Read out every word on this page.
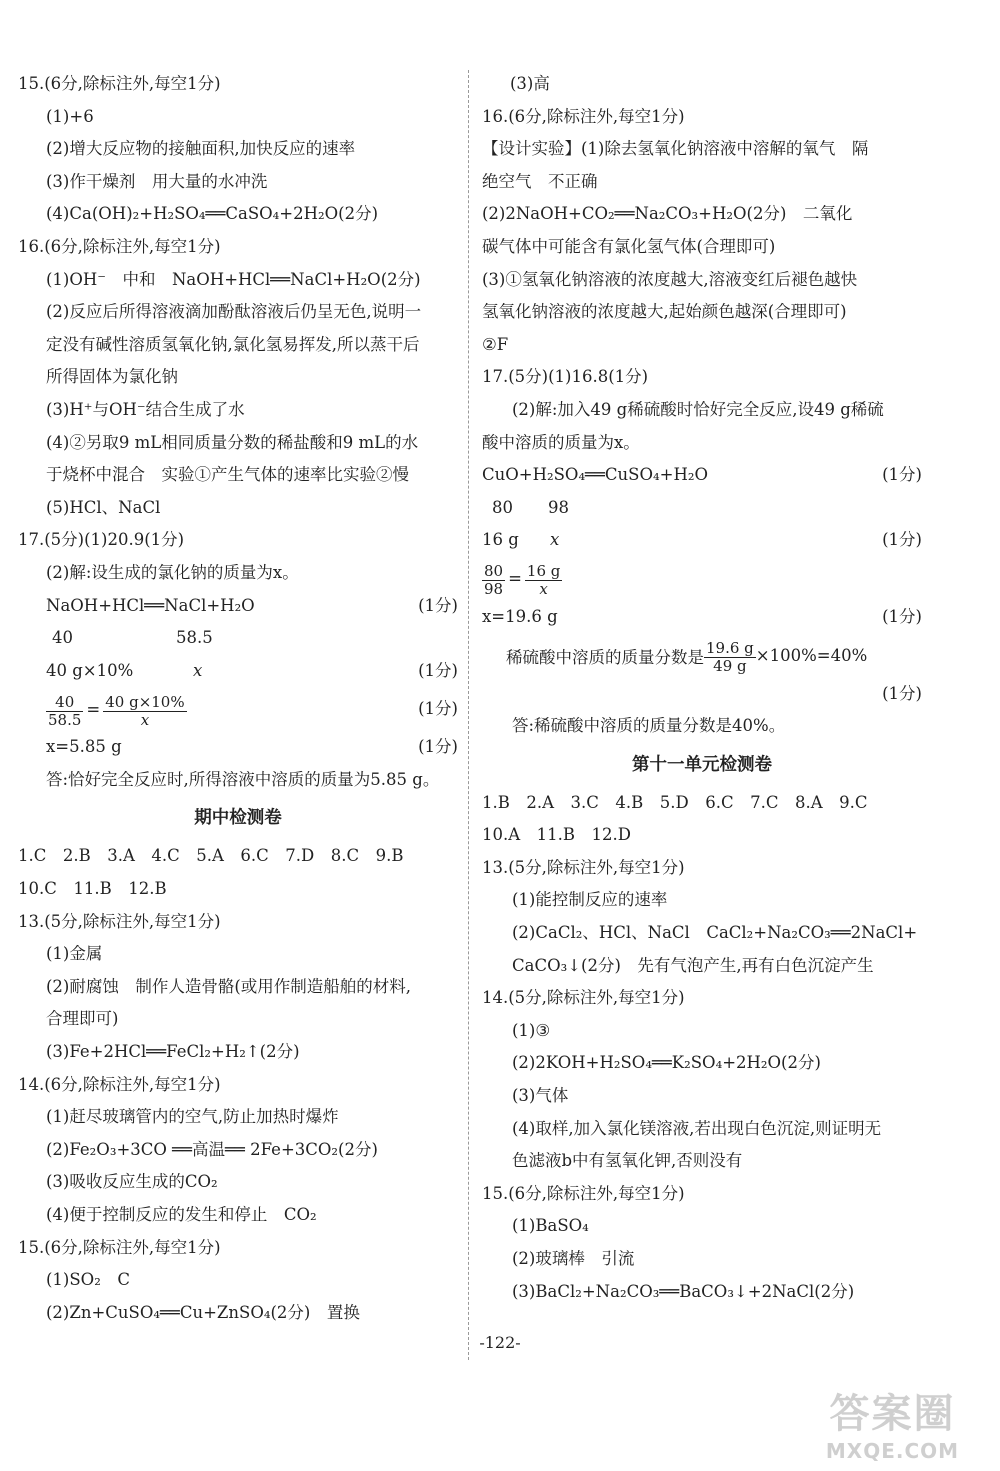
15.(6分,除标注外,每空1分)
(1)+6
(2)增大反应物的接触面积,加快反应的速率
(3)作干燥剂　用大量的水冲洗
(4)Ca(OH)₂+H₂SO₄══CaSO₄+2H₂O(2分)
16.(6分,除标注外,每空1分)
(1)OH⁻　中和　NaOH+HCl══NaCl+H₂O(2分)
(2)反应后所得溶液滴加酚酞溶液后仍呈无色,说明一
定没有碱性溶质氢氧化钠,氯化氢易挥发,所以蒸干后
所得固体为氯化钠
(3)H⁺与OH⁻结合生成了水
(4)②另取9 mL相同质量分数的稀盐酸和9 mL的水
于烧杯中混合　实验①产生气体的速率比实验②慢
(5)HCl、NaCl
17.(5分)(1)20.9(1分)
(2)解:设生成的氯化钠的质量为x。
NaOH+HCl══NaCl+H₂O	(1分)
40	58.5
40 g×10%	x	(1分)
$\frac{40}{58.5} = \frac{40 g\times 10\%}{x}$	(1分)
x=5.85 g	(1分)
答:恰好完全反应时,所得溶液中溶质的质量为5.85 g。
期中检测卷
1.C　2.B　3.A　4.C　5.A　6.C　7.D　8.C　9.B
10.C　11.B　12.B
13.(5分,除标注外,每空1分)
(1)金属
(2)耐腐蚀　制作人造骨骼(或用作制造船舶的材料,
合理即可)
(3)Fe+2HCl══FeCl₂+H₂↑(2分)
14.(6分,除标注外,每空1分)
(1)赶尽玻璃管内的空气,防止加热时爆炸
(2)Fe₂O₃+3CO ══高温══ 2Fe+3CO₂(2分)
(3)吸收反应生成的CO₂
(4)便于控制反应的发生和停止　CO₂
15.(6分,除标注外,每空1分)
(1)SO₂　C
(2)Zn+CuSO₄══Cu+ZnSO₄(2分)　置换
(3)高
16.(6分,除标注外,每空1分)
【设计实验】(1)除去氢氧化钠溶液中溶解的氧气　隔
绝空气　不正确
(2)2NaOH+CO₂══Na₂CO₃+H₂O(2分)　二氧化
碳气体中可能含有氯化氢气体(合理即可)
(3)①氢氧化钠溶液的浓度越大,溶液变红后褪色越快
氢氧化钠溶液的浓度越大,起始颜色越深(合理即可)
②F
17.(5分)(1)16.8(1分)
(2)解:加入49 g稀硫酸时恰好完全反应,设49 g稀硫
酸中溶质的质量为x。
CuO+H₂SO₄══CuSO₄+H₂O	(1分)
80 98
16 g x	(1分)
$\frac{80}{98} = \frac{16 g}{x}$
x=19.6 g	(1分)
稀硫酸中溶质的质量分数是 $\frac{19.6 g}{49 g} \times 100\%=40\%$
(1分)
答:稀硫酸中溶质的质量分数是40%。
第十一单元检测卷
1.B　2.A　3.C　4.B　5.D　6.C　7.C　8.A　9.C
10.A　11.B　12.D
13.(5分,除标注外,每空1分)
(1)能控制反应的速率
(2)CaCl₂、HCl、NaCl　CaCl₂+Na₂CO₃══2NaCl+
CaCO₃↓(2分)　先有气泡产生,再有白色沉淀产生
14.(5分,除标注外,每空1分)
(1)③
(2)2KOH+H₂SO₄══K₂SO₄+2H₂O(2分)
(3)气体
(4)取样,加入氯化镁溶液,若出现白色沉淀,则证明无
色滤液b中有氢氧化钾,否则没有
15.(6分,除标注外,每空1分)
(1)BaSO₄
(2)玻璃棒　引流
(3)BaCl₂+Na₂CO₃══BaCO₃↓+2NaCl(2分)
-122-
答案圈
MXQE.COM
